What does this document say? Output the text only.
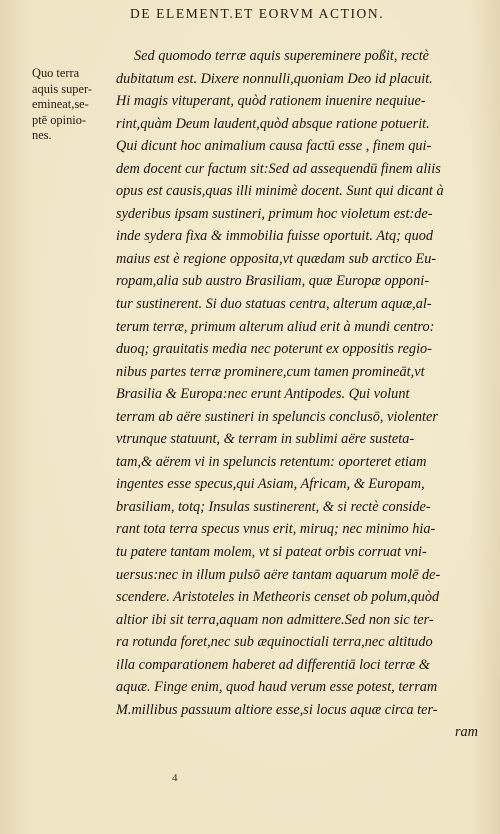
DE ELEMENT.ET EORVM ACTION.
Quo terra
aquis super-
emineat,se-
ptē opinio-
nes.
Sed quomodo terræ aquis supereminere poßit, rectè
dubitatum est. Dixere nonnulli,quoniam Deo id placuit.
Hi magis vituperant, quòd rationem inuenire nequiue-
rint,quàm Deum laudent,quòd absque ratione potuerit.
Qui dicunt hoc animalium causa factū esse , finem qui-
dem docent cur factum sit:Sed ad assequendū finem aliis
opus est causis,quas illi minimè docent. Sunt qui dicant à
syderibus ipsam sustineri, primum hoc violetum est:de-
inde sydera fixa & immobilia fuisse oportuit. Atq; quod
maius est è regione opposita,vt quædam sub arctico Eu-
ropam,alia sub austro Brasiliam, quæ Europæ opponi-
tur sustinerent. Si duo statuas centra, alterum aquæ,al-
terum terræ, primum alterum aliud erit à mundi centro:
duoq; grauitatis media nec poterunt ex oppositis regio-
nibus partes terræ prominere,cum tamen promineāt,vt
Brasilia & Europa:nec erunt Antipodes. Qui volunt
terram ab aëre sustineri in speluncis conclusō, violenter
vtrunque statuunt, & terram in sublimi aëre susteta-
tam,& aërem vi in speluncis retentum: oporteret etiam
ingentes esse specus,qui Asiam, Africam, & Europam,
brasiliam, totq; Insulas sustinerent, & si rectè conside-
rant tota terra specus vnus erit, miruq; nec minimo hia-
tu patere tantam molem, vt si pateat orbis corruat vni-
uersus:nec in illum pulsō aëre tantam aquarum molē de-
scendere. Aristoteles in Metheoris censet ob polum,quòd
altior ibi sit terra,aquam non admittere.Sed non sic ter-
ra rotunda foret,nec sub æquinoctiali terra,nec altitudo
illa comparationem haberet ad differentiā loci terræ &
aquæ. Finge enim, quod haud verum esse potest, terram
M.millibus passuum altiore esse,si locus aquæ circa ter-
ram
4
